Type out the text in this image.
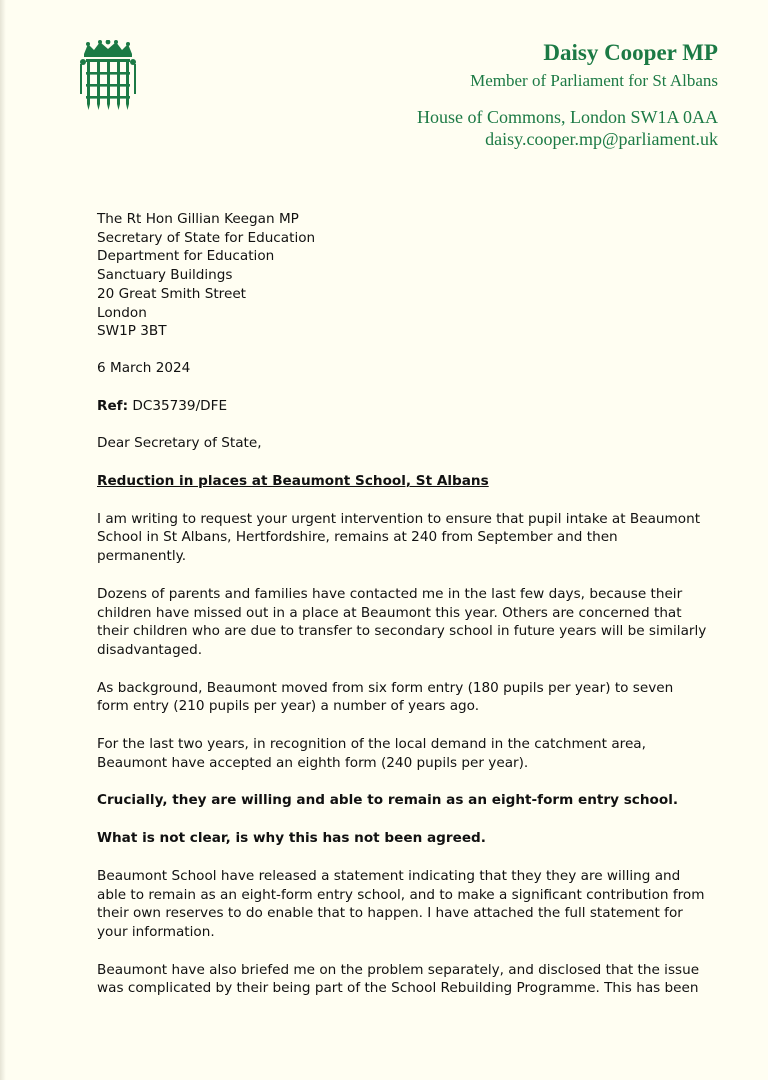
Daisy Cooper MP
Member of Parliament for St Albans
House of Commons, London SW1A 0AA
daisy.cooper.mp@parliament.uk
The Rt Hon Gillian Keegan MP
Secretary of State for Education
Department for Education
Sanctuary Buildings
20 Great Smith Street
London
SW1P 3BT
6 March 2024
Ref: DC35739/DFE
Dear Secretary of State,
Reduction in places at Beaumont School, St Albans
I am writing to request your urgent intervention to ensure that pupil intake at Beaumont School in St Albans, Hertfordshire, remains at 240 from September and then permanently.
Dozens of parents and families have contacted me in the last few days, because their children have missed out in a place at Beaumont this year. Others are concerned that their children who are due to transfer to secondary school in future years will be similarly disadvantaged.
As background, Beaumont moved from six form entry (180 pupils per year) to seven form entry (210 pupils per year) a number of years ago.
For the last two years, in recognition of the local demand in the catchment area, Beaumont have accepted an eighth form (240 pupils per year).
Crucially, they are willing and able to remain as an eight-form entry school.
What is not clear, is why this has not been agreed.
Beaumont School have released a statement indicating that they they are willing and able to remain as an eight-form entry school, and to make a significant contribution from their own reserves to do enable that to happen. I have attached the full statement for your information.
Beaumont have also briefed me on the problem separately, and disclosed that the issue was complicated by their being part of the School Rebuilding Programme. This has been
